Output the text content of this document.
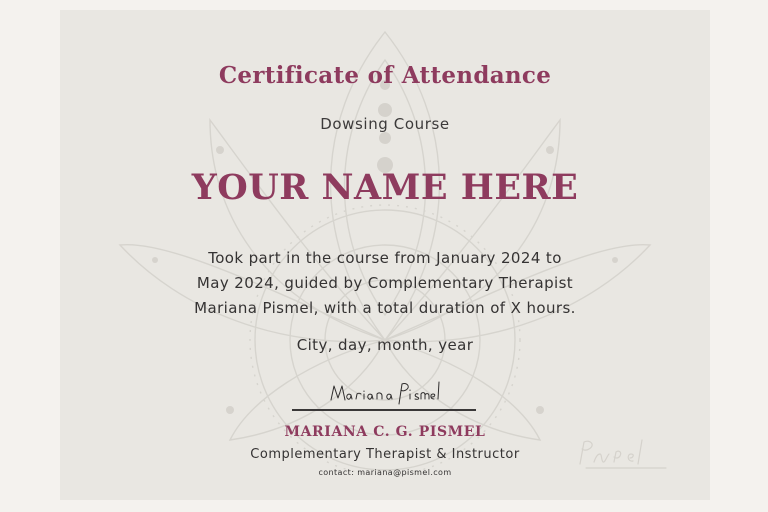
Certificate of Attendance
Dowsing Course
YOUR NAME HERE
Took part in the course from January 2024 to
May 2024, guided by Complementary Therapist
Mariana Pismel, with a total duration of X hours.
City, day, month, year
MARIANA C. G. PISMEL
Complementary Therapist & Instructor
contact: mariana@pismel.com
